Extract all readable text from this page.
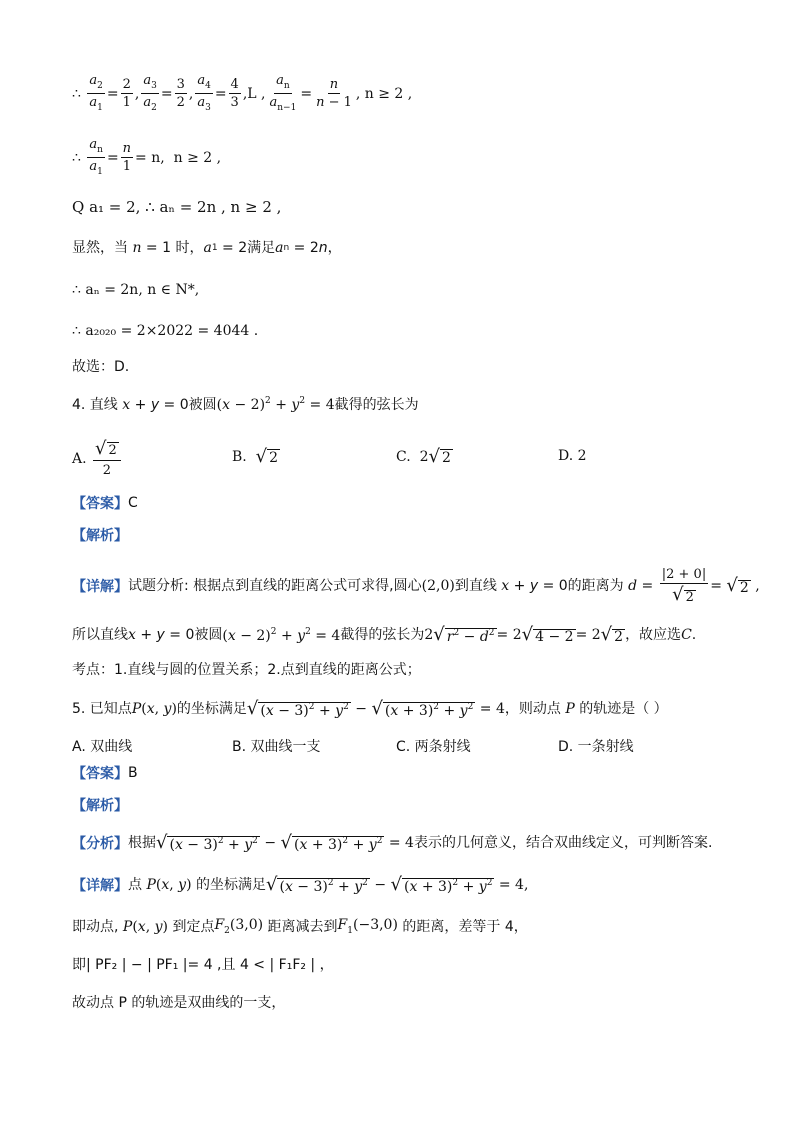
∴
$\frac{a_2}{a_1} = \frac{2}{1}$ , $\frac{a_3}{a_2} = \frac{3}{2}$ , $\frac{a_4}{a_3} = \frac{4}{3} ,L$ , $\frac{a_n}{a_{n-1}} = \frac{n}{n - 1}$ , n ≥ 2 ,
∴
$\frac{a_n}{a_1} = \frac{n}{1} = n$,
n ≥ 2 ,
Q a₁ = 2, ∴ aₙ = 2n , n ≥ 2 ,
显然，当 n = 1 时， a 1 = 2 满足 a n = 2 n ，
∴ aₙ = 2n, n ∈ N*,
∴ a₂₀₂₀ = 2×2022 = 4044 .
故选：D.
4. 直线 x + y = 0 被圆 $(x - 2)^2 + y^2 = 4$ 截得的弦长为
A.
$\frac{√ 2}{2}$	B.
√ 2	C. 2 √ 2	D. 2
【答案】 C
【解析】
【详解】 试题分析: 根据点到直线的距离公式可求得,圆心 (2,0) 到直线 x + y = 0 的距离为 $d = \frac{|2 + 0|}{√ 2}$ = √ 2 ,
所以直线 x + y = 0 被圆 $(x - 2)^2 + y^2 = 4$ 截得的弦长为 2 √ $r^2 - d^2 = 2$ √ 4 − 2 = 2 √ 2 ，故应选 C .
考点：1.直线与圆的位置关系；2.点到直线的距离公式；
5. 已知点 P(x, y) 的坐标满足 √ $(x - 3)^2 + y^2$ − √ $(x + 3)^2 + y^2 = 4$ ，则动点 P 的轨迹是（ ）
A. 双曲线	B. 双曲线一支	C. 两条射线	D. 一条射线
【答案】 B
【解析】
【分析】 根据 √ $(x - 3)^2 + y^2$ − √ $(x + 3)^2 + y^2 = 4$ 表示的几何意义，结合双曲线定义，可判断答案.
【详解】 点 P(x, y) 的坐标满足 √ $(x - 3)^2 + y^2$ − √ $(x + 3)^2 + y^2 = 4$,
即动点, P(x, y) 到定点 $F_2(3,0)$ 距离减去到 $F_1(-3,0)$ 的距离，差等于 4，
即| PF₂ | − | PF₁ |= 4 ,且 4 < | F₁F₂ | ，
故动点 P 的轨迹是双曲线的一支，
